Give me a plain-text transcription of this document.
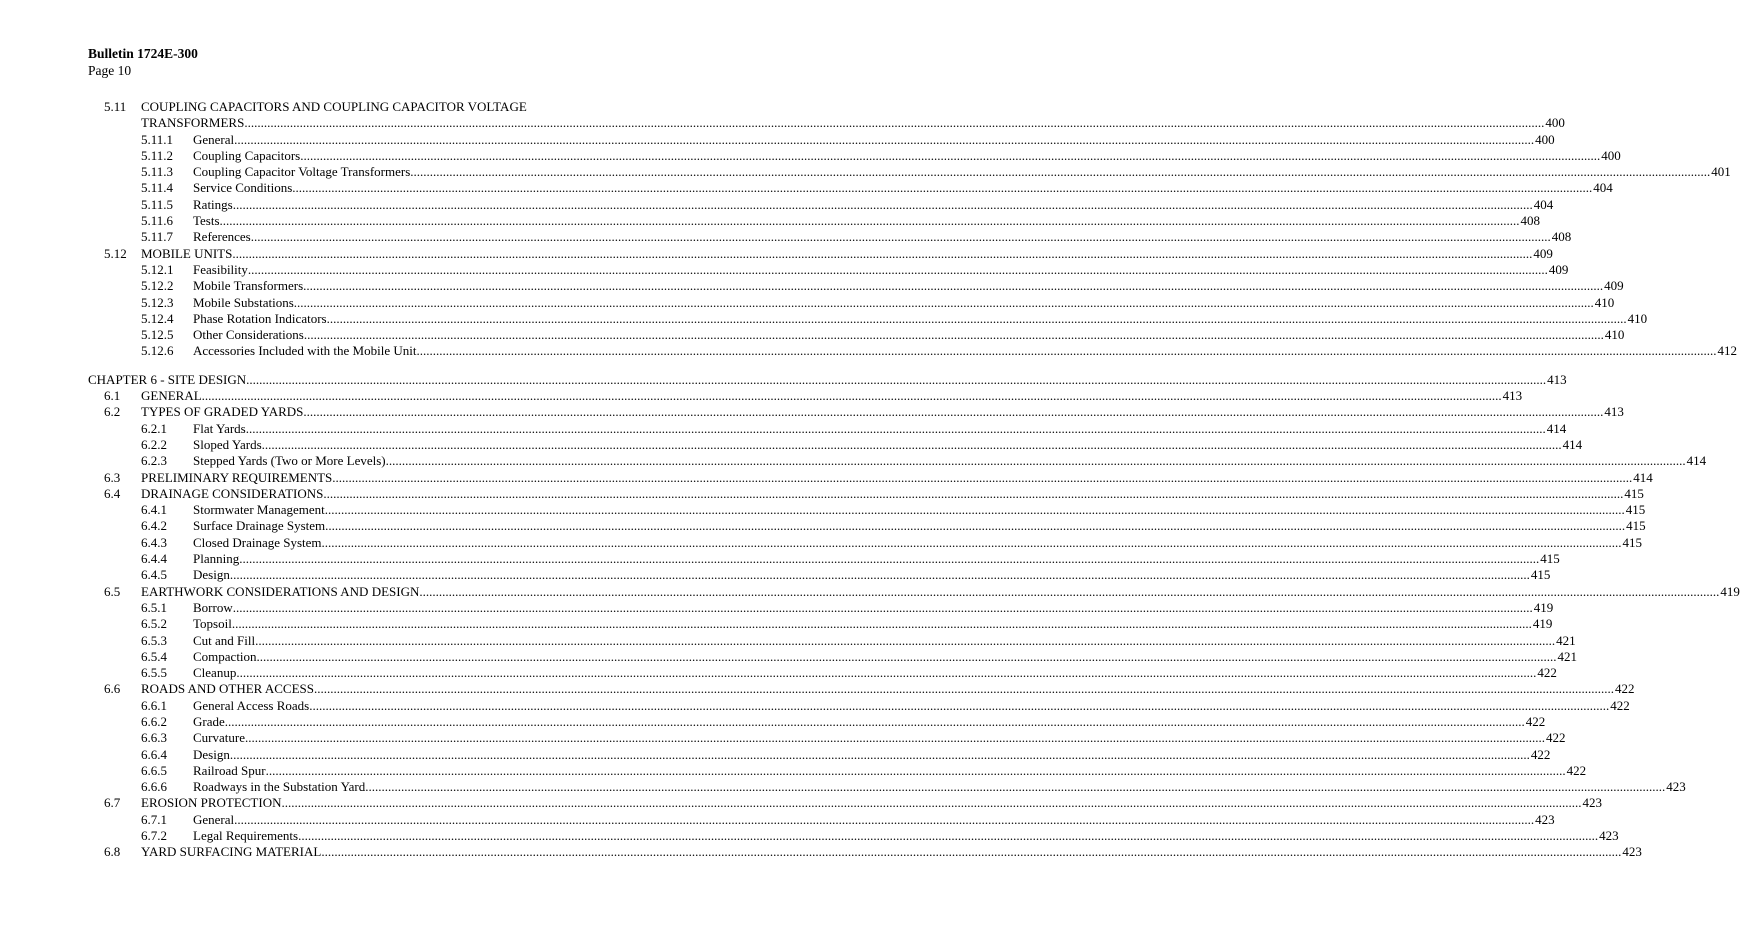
Bulletin 1724E-300
Page 10
5.11 COUPLING CAPACITORS AND COUPLING CAPACITOR VOLTAGE
TRANSFORMERS ................................................................................................................................................................................................................................................................................................................................................................................................................ 400
5.11.1 General ................................................................................................................................................................................................................................................................................................................................................................................................................ 400
5.11.2 Coupling Capacitors ................................................................................................................................................................................................................................................................................................................................................................................................................ 400
5.11.3 Coupling Capacitor Voltage Transformers ................................................................................................................................................................................................................................................................................................................................................................................................................ 401
5.11.4 Service Conditions ................................................................................................................................................................................................................................................................................................................................................................................................................ 404
5.11.5 Ratings ................................................................................................................................................................................................................................................................................................................................................................................................................ 404
5.11.6 Tests ................................................................................................................................................................................................................................................................................................................................................................................................................ 408
5.11.7 References ................................................................................................................................................................................................................................................................................................................................................................................................................ 408
5.12 MOBILE UNITS ................................................................................................................................................................................................................................................................................................................................................................................................................ 409
5.12.1 Feasibility ................................................................................................................................................................................................................................................................................................................................................................................................................ 409
5.12.2 Mobile Transformers ................................................................................................................................................................................................................................................................................................................................................................................................................ 409
5.12.3 Mobile Substations ................................................................................................................................................................................................................................................................................................................................................................................................................ 410
5.12.4 Phase Rotation Indicators ................................................................................................................................................................................................................................................................................................................................................................................................................ 410
5.12.5 Other Considerations ................................................................................................................................................................................................................................................................................................................................................................................................................ 410
5.12.6 Accessories Included with the Mobile Unit ................................................................................................................................................................................................................................................................................................................................................................................................................ 412
CHAPTER 6 - SITE DESIGN ................................................................................................................................................................................................................................................................................................................................................................................................................ 413
6.1 GENERAL ................................................................................................................................................................................................................................................................................................................................................................................................................ 413
6.2 TYPES OF GRADED YARDS ................................................................................................................................................................................................................................................................................................................................................................................................................ 413
6.2.1 Flat Yards ................................................................................................................................................................................................................................................................................................................................................................................................................ 414
6.2.2 Sloped Yards ................................................................................................................................................................................................................................................................................................................................................................................................................ 414
6.2.3 Stepped Yards (Two or More Levels) ................................................................................................................................................................................................................................................................................................................................................................................................................ 414
6.3 PRELIMINARY REQUIREMENTS ................................................................................................................................................................................................................................................................................................................................................................................................................ 414
6.4 DRAINAGE CONSIDERATIONS ................................................................................................................................................................................................................................................................................................................................................................................................................ 415
6.4.1 Stormwater Management ................................................................................................................................................................................................................................................................................................................................................................................................................ 415
6.4.2 Surface Drainage System ................................................................................................................................................................................................................................................................................................................................................................................................................ 415
6.4.3 Closed Drainage System ................................................................................................................................................................................................................................................................................................................................................................................................................ 415
6.4.4 Planning ................................................................................................................................................................................................................................................................................................................................................................................................................ 415
6.4.5 Design ................................................................................................................................................................................................................................................................................................................................................................................................................ 415
6.5 EARTHWORK CONSIDERATIONS AND DESIGN ................................................................................................................................................................................................................................................................................................................................................................................................................ 419
6.5.1 Borrow ................................................................................................................................................................................................................................................................................................................................................................................................................ 419
6.5.2 Topsoil ................................................................................................................................................................................................................................................................................................................................................................................................................ 419
6.5.3 Cut and Fill ................................................................................................................................................................................................................................................................................................................................................................................................................ 421
6.5.4 Compaction ................................................................................................................................................................................................................................................................................................................................................................................................................ 421
6.5.5 Cleanup ................................................................................................................................................................................................................................................................................................................................................................................................................ 422
6.6 ROADS AND OTHER ACCESS ................................................................................................................................................................................................................................................................................................................................................................................................................ 422
6.6.1 General Access Roads ................................................................................................................................................................................................................................................................................................................................................................................................................ 422
6.6.2 Grade ................................................................................................................................................................................................................................................................................................................................................................................................................ 422
6.6.3 Curvature ................................................................................................................................................................................................................................................................................................................................................................................................................ 422
6.6.4 Design ................................................................................................................................................................................................................................................................................................................................................................................................................ 422
6.6.5 Railroad Spur ................................................................................................................................................................................................................................................................................................................................................................................................................ 422
6.6.6 Roadways in the Substation Yard ................................................................................................................................................................................................................................................................................................................................................................................................................ 423
6.7 EROSION PROTECTION ................................................................................................................................................................................................................................................................................................................................................................................................................ 423
6.7.1 General ................................................................................................................................................................................................................................................................................................................................................................................................................ 423
6.7.2 Legal Requirements ................................................................................................................................................................................................................................................................................................................................................................................................................ 423
6.8 YARD SURFACING MATERIAL ................................................................................................................................................................................................................................................................................................................................................................................................................ 423
